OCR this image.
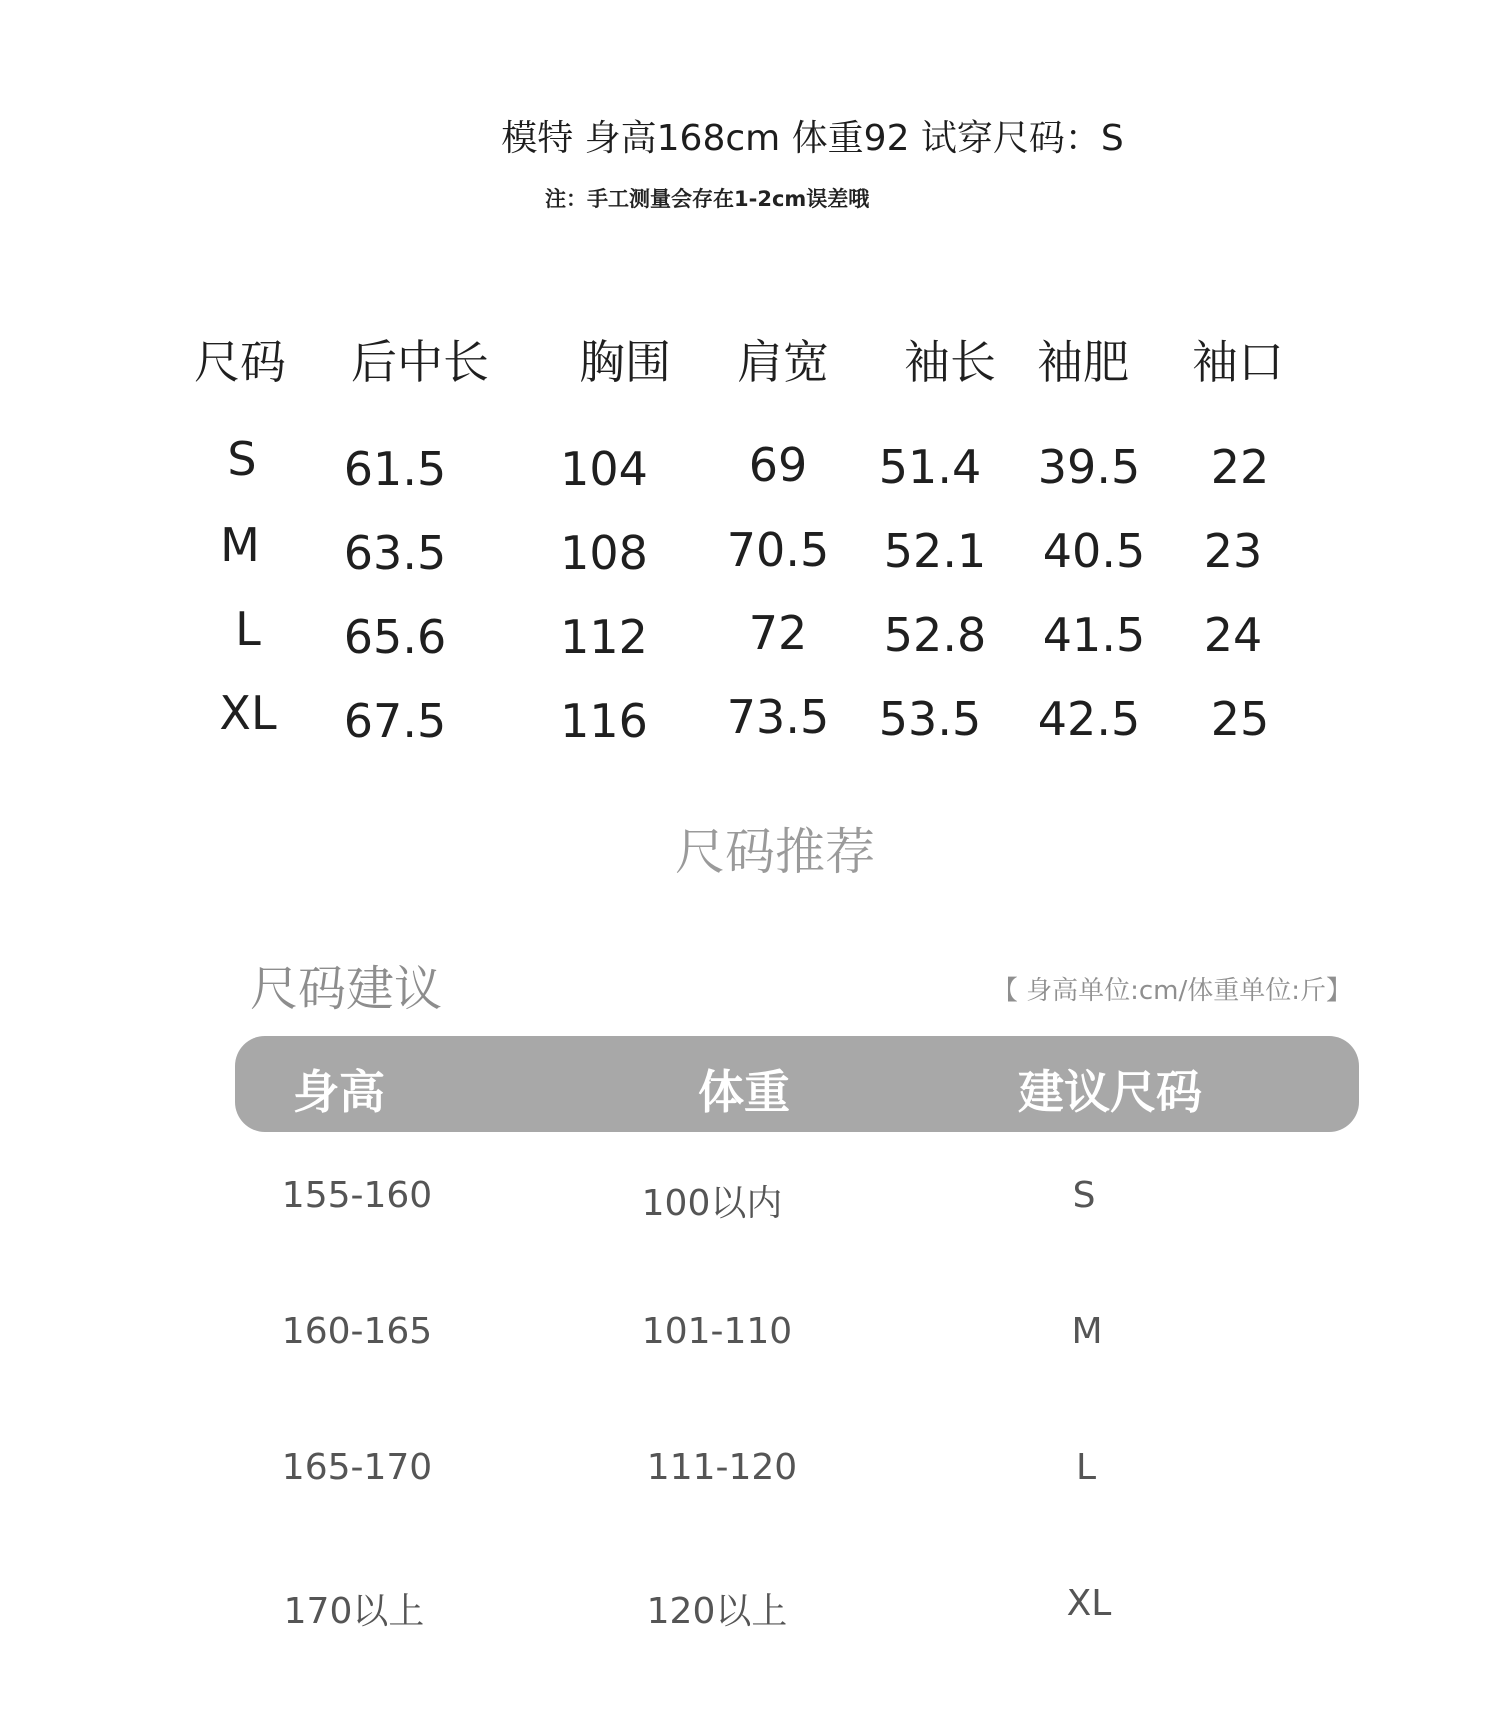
模特 身高168cm 体重92 试穿尺码：S
注：手工测量会存在1-2cm误差哦
尺码 后中长 胸围 肩宽 袖长 袖肥 袖口
S 61.5 104 69 51.4 39.5 22
M 63.5 108 70.5 52.1 40.5 23
L 65.6 112 72 52.8 41.5 24
XL 67.5 116 73.5 53.5 42.5 25
尺码推荐
尺码建议	【 身高单位:cm/体重单位:斤】
身高	体重	建议尺码
155-160	100以内	S
160-165	101-110	M
165-170	111-120	L
170以上	120以上	XL
